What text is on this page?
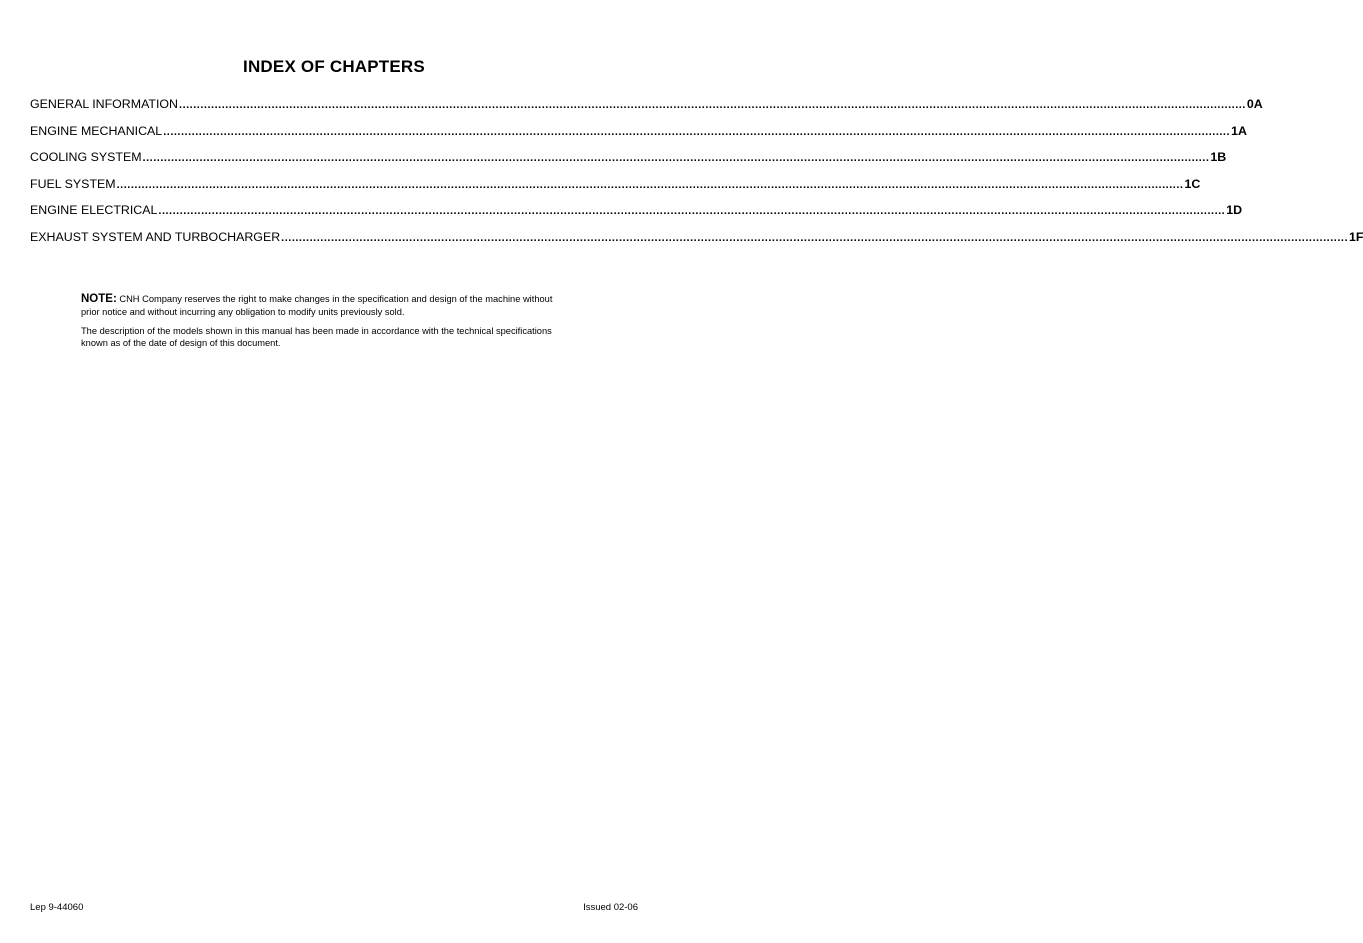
INDEX OF CHAPTERS
GENERAL INFORMATION ............................................................................................................................................................................................................................................................................................................ 0A
ENGINE MECHANICAL ............................................................................................................................................................................................................................................................................................................ 1A
COOLING SYSTEM ............................................................................................................................................................................................................................................................................................................ 1B
FUEL SYSTEM ............................................................................................................................................................................................................................................................................................................ 1C
ENGINE ELECTRICAL ............................................................................................................................................................................................................................................................................................................ 1D
EXHAUST SYSTEM AND TURBOCHARGER ............................................................................................................................................................................................................................................................................................................ 1F

NOTE: CNH Company reserves the right to make changes in the specification and design of the machine without prior notice and without incurring any obligation to modify units previously sold.

The description of the models shown in this manual has been made in accordance with the technical specifications known as of the date of design of this document.

Lep 9-44060	Issued 02-06
